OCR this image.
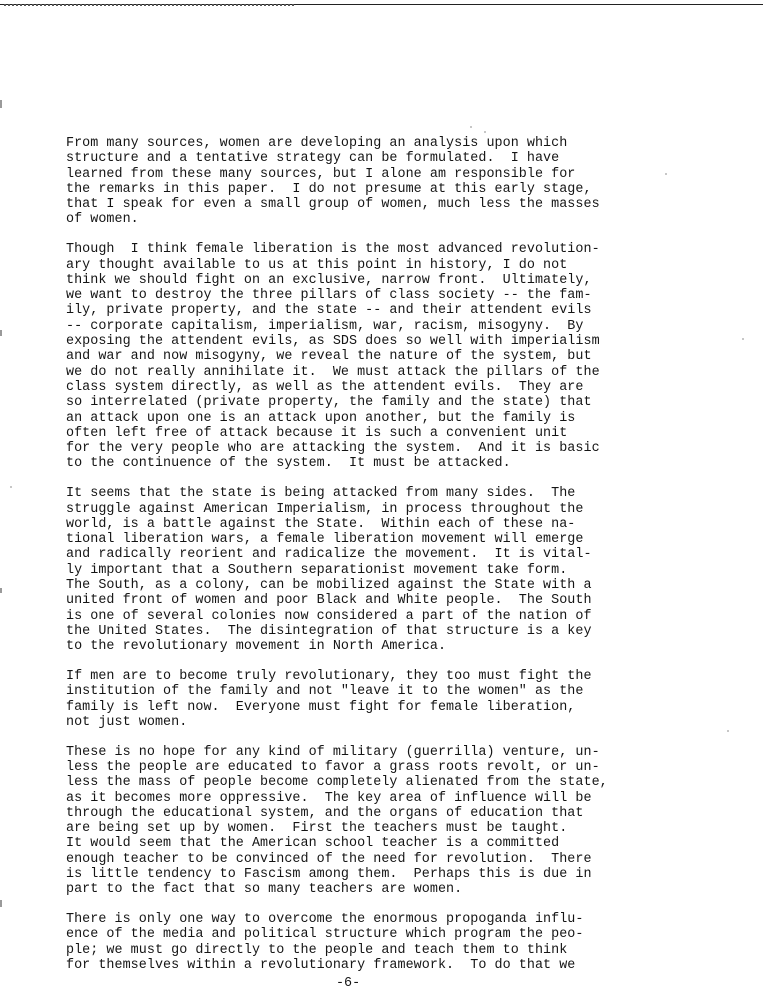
From many sources, women are developing an analysis upon which
structure and a tentative strategy can be formulated.  I have
learned from these many sources, but I alone am responsible for
the remarks in this paper.  I do not presume at this early stage,
that I speak for even a small group of women, much less the masses
of women.

Though  I think female liberation is the most advanced revolution-
ary thought available to us at this point in history, I do not
think we should fight on an exclusive, narrow front.  Ultimately,
we want to destroy the three pillars of class society -- the fam-
ily, private property, and the state -- and their attendent evils
-- corporate capitalism, imperialism, war, racism, misogyny.  By
exposing the attendent evils, as SDS does so well with imperialism
and war and now misogyny, we reveal the nature of the system, but
we do not really annihilate it.  We must attack the pillars of the
class system directly, as well as the attendent evils.  They are
so interrelated (private property, the family and the state) that
an attack upon one is an attack upon another, but the family is
often left free of attack because it is such a convenient unit
for the very people who are attacking the system.  And it is basic
to the continuence of the system.  It must be attacked.

It seems that the state is being attacked from many sides.  The
struggle against American Imperialism, in process throughout the
world, is a battle against the State.  Within each of these na-
tional liberation wars, a female liberation movement will emerge
and radically reorient and radicalize the movement.  It is vital-
ly important that a Southern separationist movement take form.
The South, as a colony, can be mobilized against the State with a
united front of women and poor Black and White people.  The South
is one of several colonies now considered a part of the nation of
the United States.  The disintegration of that structure is a key
to the revolutionary movement in North America.

If men are to become truly revolutionary, they too must fight the
institution of the family and not "leave it to the women" as the
family is left now.  Everyone must fight for female liberation,
not just women.

These is no hope for any kind of military (guerrilla) venture, un-
less the people are educated to favor a grass roots revolt, or un-
less the mass of people become completely alienated from the state,
as it becomes more oppressive.  The key area of influence will be
through the educational system, and the organs of education that
are being set up by women.  First the teachers must be taught.
It would seem that the American school teacher is a committed
enough teacher to be convinced of the need for revolution.  There
is little tendency to Fascism among them.  Perhaps this is due in
part to the fact that so many teachers are women.

There is only one way to overcome the enormous propoganda influ-
ence of the media and political structure which program the peo-
ple; we must go directly to the people and teach them to think
for themselves within a revolutionary framework.  To do that we

-6-
